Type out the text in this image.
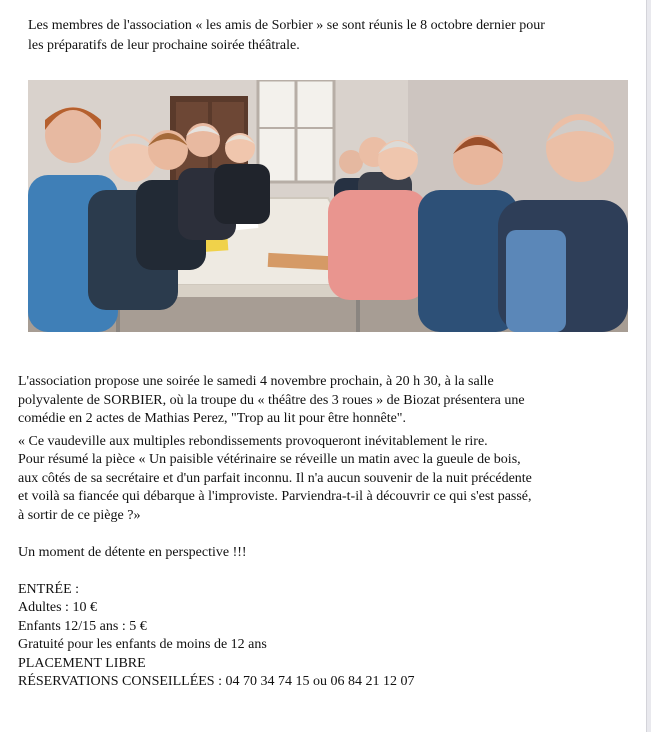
Les membres de l'association « les amis de Sorbier » se sont réunis le 8 octobre dernier pour
les préparatifs de leur prochaine soirée théâtrale.

L'association propose une soirée le samedi 4 novembre prochain, à 20 h 30, à la salle
polyvalente de SORBIER, où la troupe du « théâtre des 3 roues » de Biozat présentera une
comédie en 2 actes de Mathias Perez, "Trop au lit pour être honnête".
« Ce vaudeville aux multiples rebondissements provoqueront inévitablement le rire.
Pour résumé la pièce « Un paisible vétérinaire se réveille un matin avec la gueule de bois,
aux côtés de sa secrétaire et d'un parfait inconnu. Il n'a aucun souvenir de la nuit précédente
et voilà sa fiancée qui débarque à l'improviste. Parviendra-t-il à découvrir ce qui s'est passé,
à sortir de ce piège ?»
Un moment de détente en perspective !!!
ENTRÉE :
Adultes : 10 €
Enfants 12/15 ans : 5 €
Gratuité pour les enfants de moins de 12 ans
PLACEMENT LIBRE
RÉSERVATIONS CONSEILLÉES : 04 70 34 74 15 ou 06 84 21 12 07
